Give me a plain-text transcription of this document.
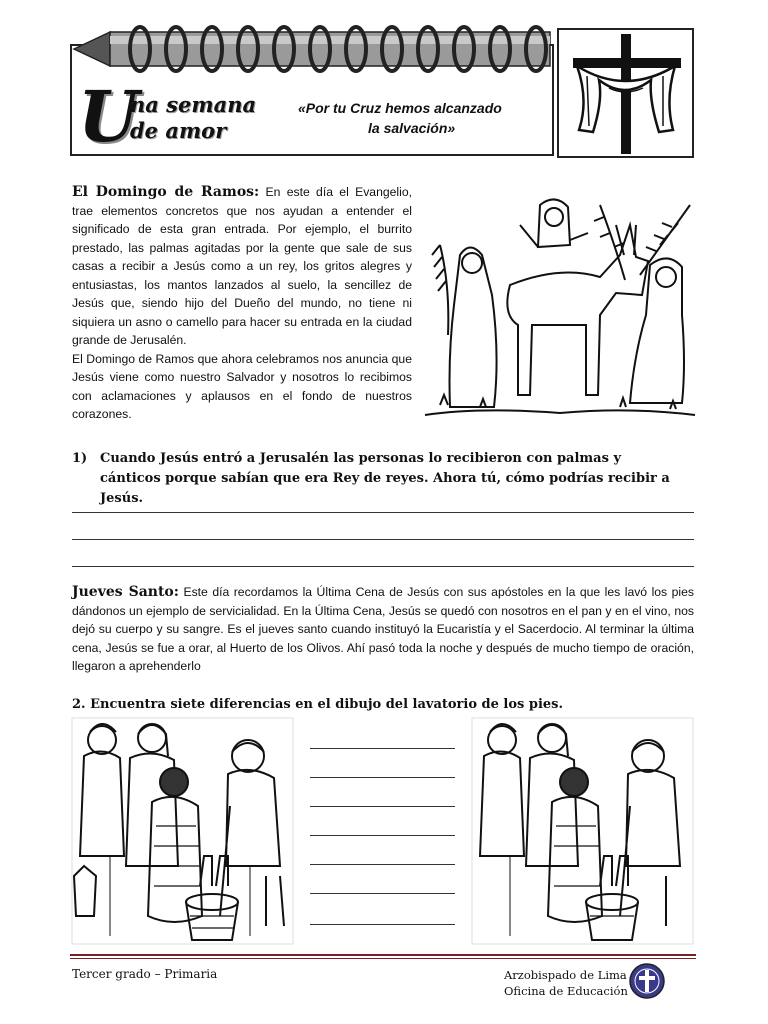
U
na semana
de amor
«Por tu Cruz hemos alcanzado
la salvación»
El Domingo de Ramos: En este día el Evangelio, trae elementos concretos que nos ayudan a entender el significado de esta gran entrada. Por ejemplo, el burrito prestado, las palmas agitadas por la gente que sale de sus casas a recibir a Jesús como a un rey, los gritos alegres y entusiastas, los mantos lanzados al suelo, la sencillez de Jesús que, siendo hijo del Dueño del mundo, no tiene ni siquiera un asno o camello para hacer su entrada en la ciudad grande de Jerusalén.
El Domingo de Ramos que ahora celebramos nos anuncia que Jesús viene como nuestro Salvador y nosotros lo recibimos con aclamaciones y aplausos en el fondo de nuestros corazones.
1) Cuando Jesús entró a Jerusalén las personas lo recibieron con palmas y cánticos porque sabían que era Rey de reyes. Ahora tú, cómo podrías recibir a Jesús.
Jueves Santo: Este día recordamos la Última Cena de Jesús con sus apóstoles en la que les lavó los pies dándonos un ejemplo de servicialidad. En la Última Cena, Jesús se quedó con nosotros en el pan y en el vino, nos dejó su cuerpo y su sangre. Es el jueves santo cuando instituyó la Eucaristía y el Sacerdocio. Al terminar la última cena, Jesús se fue a orar, al Huerto de los Olivos. Ahí pasó toda la noche y después de mucho tiempo de oración, llegaron a aprehenderlo
2. Encuentra siete diferencias en el dibujo del lavatorio de los pies.
Tercer grado – Primaria	Arzobispado de Lima
Oficina de Educación
